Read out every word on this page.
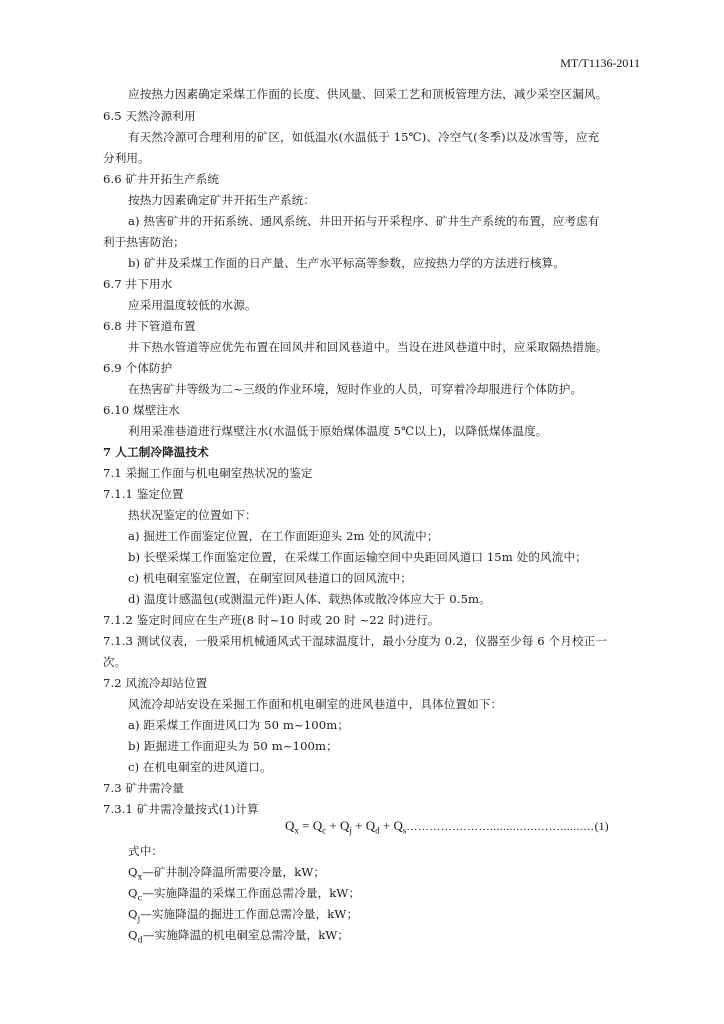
MT/T1136-2011
应按热力因素确定采煤工作面的长度、供风量、回采工艺和顶板管理方法，减少采空区漏风。
6.5 天然冷源利用
有天然冷源可合理利用的矿区，如低温水(水温低于 15℃)、冷空气(冬季)以及冰雪等，应充
分利用。
6.6 矿井开拓生产系统
按热力因素确定矿井开拓生产系统：
a) 热害矿井的开拓系统、通风系统、井田开拓与开采程序、矿井生产系统的布置，应考虑有
利于热害防治；
b) 矿井及采煤工作面的日产量、生产水平标高等参数，应按热力学的方法进行核算。
6.7 井下用水
应采用温度较低的水源。
6.8 井下管道布置
井下热水管道等应优先布置在回风井和回风巷道中。当设在进风巷道中时，应采取隔热措施。
6.9 个体防护
在热害矿井等级为二~三级的作业环境，短时作业的人员，可穿着冷却服进行个体防护。
6.10 煤壁注水
利用采准巷道进行煤壁注水(水温低于原始煤体温度 5℃以上)，以降低煤体温度。
7 人工制冷降温技术
7.1 采掘工作面与机电硐室热状况的鉴定
7.1.1 鉴定位置
热状况鉴定的位置如下：
a) 掘进工作面鉴定位置，在工作面距迎头 2m 处的风流中；
b) 长壁采煤工作面鉴定位置，在采煤工作面运输空间中央距回风道口 15m 处的风流中；
c) 机电硐室鉴定位置，在硐室回风巷道口的回风流中；
d) 温度计感温包(或测温元件)距人体、载热体或散冷体应大于 0.5m。
7.1.2 鉴定时间应在生产班(8 时~10 时或 20 时 ~22 时)进行。
7.1.3 测试仪表，一般采用机械通风式干湿球温度计，最小分度为 0.2，仪器至少每 6 个月校正一
次。
7.2 风流冷却站位置
风流冷却站安设在采掘工作面和机电硐室的进风巷道中，具体位置如下：
a) 距采煤工作面进风口为 50 m~100m；
b) 距掘进工作面迎头为 50 m~100m；
c) 在机电硐室的进风道口。
7.3 矿井需冷量
7.3.1 矿井需冷量按式(1)计算
$Q_x = Q_c + Q_j + Q_d$ + $Q_s\dots\dots\dots\dots.\dots\dots\dots.........\dots..\dots\dots.......\dots(1)$
式中：
$Q_x—$矿井制冷降温所需要冷量，kW；
$Q_c—$实施降温的采煤工作面总需冷量，kW；
$Q_j—$实施降温的掘进工作面总需冷量，kW；
$Q_d—$实施降温的机电硐室总需冷量，kW；
